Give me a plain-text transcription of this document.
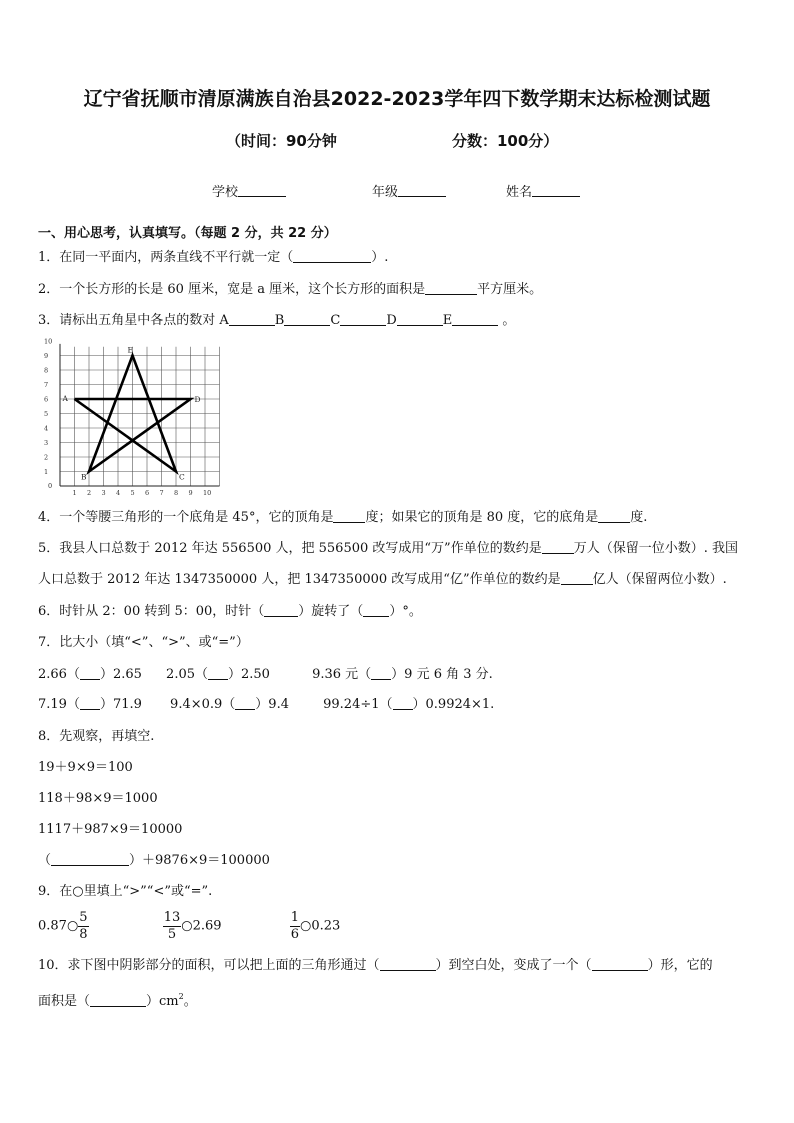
辽宁省抚顺市清原满族自治县2022-2023学年四下数学期末达标检测试题
（时间：90分钟	分数：100分）
学校	年级	姓名
一、用心思考，认真填写。（每题 2 分，共 22 分）
1．在同一平面内，两条直线不平行就一定（	）.
2．一个长方形的长是 60 厘米，宽是 a 厘米，这个长方形的面积是	平方厘米。
3．请标出五角星中各点的数对 A	B	C	D	E	。
1 2 3 4 5 6 7 8 9 10
1
2
3
4
5
6
7
8
9
10
0
A
B	C
D
E
4．一个等腰三角形的一个底角是 45°，它的顶角是 度；如果它的顶角是 80 度，它的底角是 度.
5．我县人口总数于 2012 年达 556500 人，把 556500 改写成用“万”作单位的数约是 万人（保留一位小数）. 我国
人口总数于 2012 年达 1347350000 人，把 1347350000 改写成用“亿”作单位的数约是 亿人（保留两位小数）.
6．时针从 2：00 转到 5：00，时针（	）旋转了（ ）°。
7．比大小（填“<”、“>”、或“=”）
2.66（ ）2.65 2.05（ ）2.50	9.36 元（ ）9 元 6 角 3 分.
7.19（ ）71.9 9.4×0.9（ ）9.4	99.24÷1（ ）0.9924×1.
8．先观察，再填空.
19＋9×9＝100
118＋98×9＝1000
1117＋987×9＝10000
（	）＋9876×9＝100000
9．在○里填上“>”“<”或“=”.
0.87○ $\frac{5}{8}$
	$\frac{13}{5}$ ○2.69	$\frac{1}{6}$ ○0.23
10．求下图中阴影部分的面积，可以把上面的三角形通过（	）到空白处，变成了一个（	）形，它的
面积是（	）$cm^2$。
